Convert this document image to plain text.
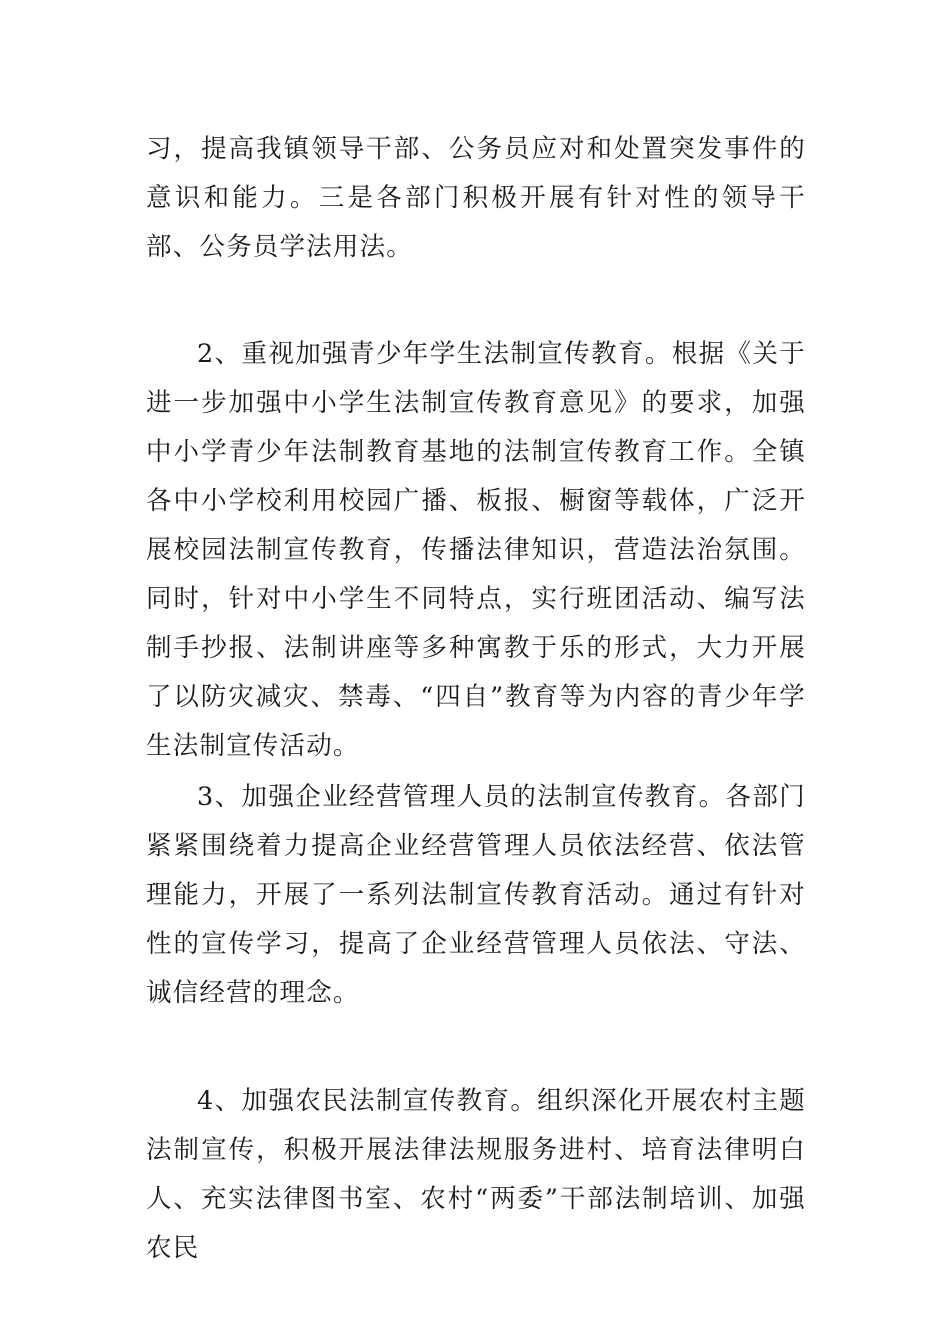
习，提高我镇领导干部、公务员应对和处置突发事件的意识和能力。三是各部门积极开展有针对性的领导干部、公务员学法用法。

2、重视加强青少年学生法制宣传教育。根据《关于进一步加强中小学生法制宣传教育意见》的要求，加强中小学青少年法制教育基地的法制宣传教育工作。全镇各中小学校利用校园广播、板报、橱窗等载体，广泛开展校园法制宣传教育，传播法律知识，营造法治氛围。同时，针对中小学生不同特点，实行班团活动、编写法制手抄报、法制讲座等多种寓教于乐的形式，大力开展了以防灾减灾、禁毒、“四自”教育等为内容的青少年学生法制宣传活动。

3、加强企业经营管理人员的法制宣传教育。各部门紧紧围绕着力提高企业经营管理人员依法经营、依法管理能力，开展了一系列法制宣传教育活动。通过有针对性的宣传学习，提高了企业经营管理人员依法、守法、诚信经营的理念。

4、加强农民法制宣传教育。组织深化开展农村主题法制宣传，积极开展法律法规服务进村、培育法律明白人、充实法律图书室、农村“两委”干部法制培训、加强农民
